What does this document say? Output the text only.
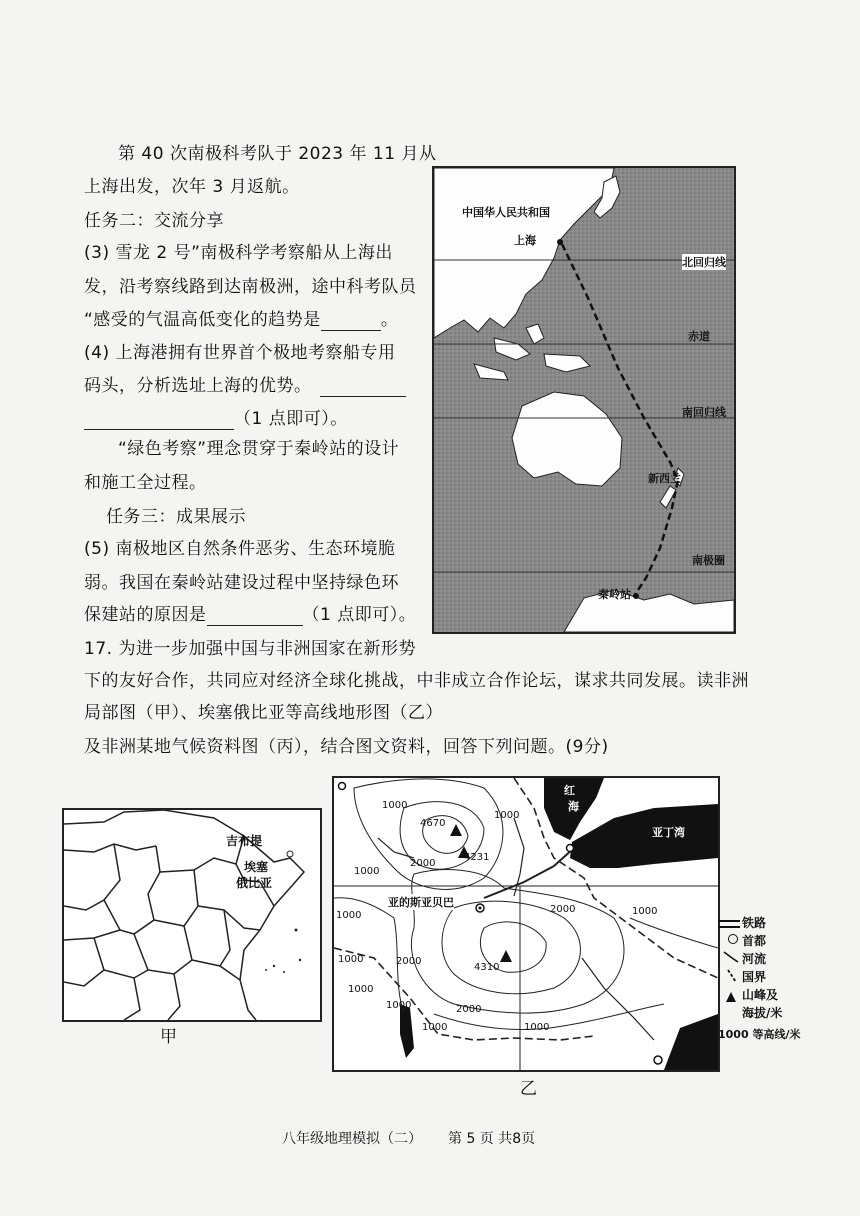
第 40 次南极科考队于 2023 年 11 月从
上海出发，次年 3 月返航。
任务二：交流分享
(3) 雪龙 2 号”南极科学考察船从上海出
发，沿考察线路到达南极洲，途中科考队员
“感受的气温高低变化的趋势是	。
(4) 上海港拥有世界首个极地考察船专用
码头，分析选址上海的优势。
（1 点即可）。
“绿色考察”理念贯穿于秦岭站的设计
和施工全过程。
任务三：成果展示
(5) 南极地区自然条件恶劣、生态环境脆
弱。我国在秦岭站建设过程中坚持绿色环
保建站的原因是	（1 点即可）。
中国华人民共和国
上海
北回归线
赤道
南回归线
新西兰
南极圈
秦岭站
17. 为进一步加强中国与非洲国家在新形势
下的友好合作，共同应对经济全球化挑战，中非成立合作论坛，谋求共同发展。读非洲
局部图（甲）、埃塞俄比亚等高线地形图（乙）
及非洲某地气候资料图（丙），结合图文资料，回答下列问题。(9分)
吉布提
埃塞
俄比亚
甲
红
海
亚丁湾
亚的斯亚贝巴
4670
4231
4310
1000
1000
2000
1000
1000	2000
1000
2000
1000
1000
2000	1000
1000
1000
乙
铁路
首都
河流
国界
山峰及
海拔/米
1000 等高线/米
八年级地理模拟（二） 第 5 页 共8页
